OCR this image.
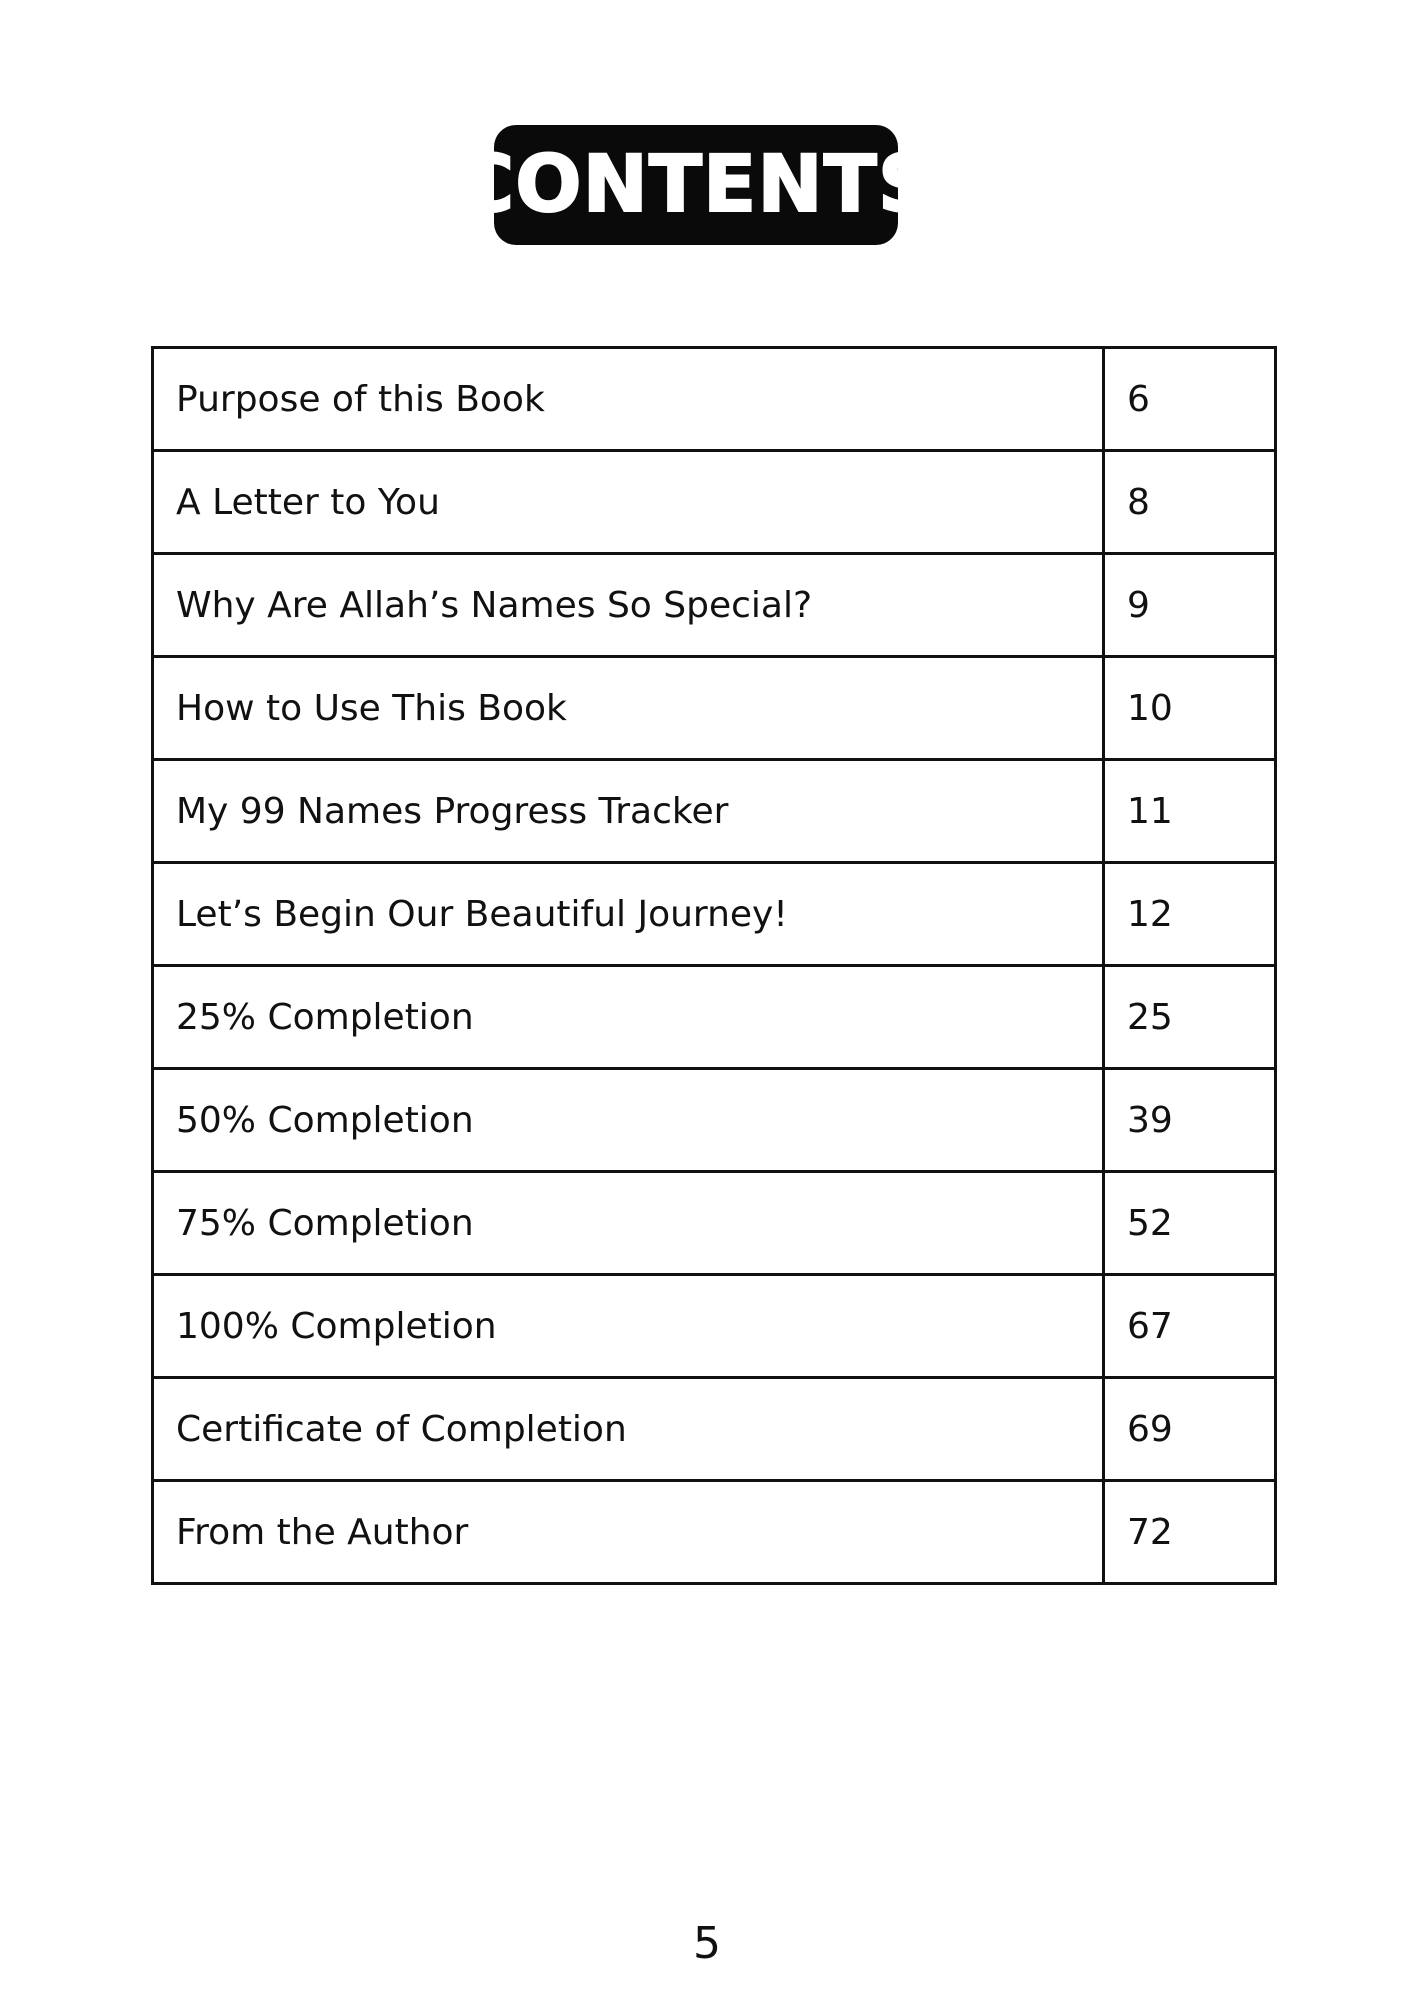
CONTENTS
Purpose of this Book	6
A Letter to You	8
Why Are Allah’s Names So Special?	9
How to Use This Book	10
My 99 Names Progress Tracker	11
Let’s Begin Our Beautiful Journey!	12
25% Completion	25
50% Completion	39
75% Completion	52
100% Completion	67
Certificate of Completion	69
From the Author	72
5
